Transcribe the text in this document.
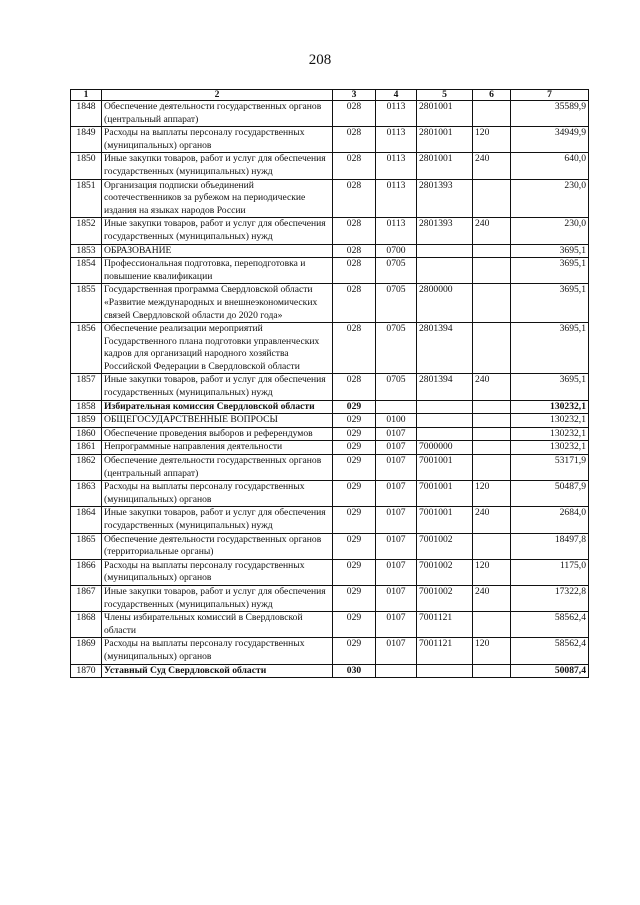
208
1	2	3	4	5	6	7
1848	Обеспечение деятельности государственных органов (центральный аппарат)	028	0113	2801001		35589,9
1849	Расходы на выплаты персоналу государственных (муниципальных) органов	028	0113	2801001	120	34949,9
1850	Иные закупки товаров, работ и услуг для обеспечения государственных (муниципальных) нужд	028	0113	2801001	240	640,0
1851	Организация подписки объединений соотечественников за рубежом на периодические издания на языках народов России	028	0113	2801393		230,0
1852	Иные закупки товаров, работ и услуг для обеспечения государственных (муниципальных) нужд	028	0113	2801393	240	230,0
1853	ОБРАЗОВАНИЕ	028	0700			3695,1
1854	Профессиональная подготовка, переподготовка и повышение квалификации	028	0705			3695,1
1855	Государственная программа Свердловской области «Развитие международных и внешнеэкономических связей Свердловской области до 2020 года»	028	0705	2800000		3695,1
1856	Обеспечение реализации мероприятий Государственного плана подготовки управленческих кадров для организаций народного хозяйства Российской Федерации в Свердловской области	028	0705	2801394		3695,1
1857	Иные закупки товаров, работ и услуг для обеспечения государственных (муниципальных) нужд	028	0705	2801394	240	3695,1
1858	Избирательная комиссия Свердловской области	029				130232,1
1859	ОБЩЕГОСУДАРСТВЕННЫЕ ВОПРОСЫ	029	0100			130232,1
1860	Обеспечение проведения выборов и референдумов	029	0107			130232,1
1861	Непрограммные направления деятельности	029	0107	7000000		130232,1
1862	Обеспечение деятельности государственных органов (центральный аппарат)	029	0107	7001001		53171,9
1863	Расходы на выплаты персоналу государственных (муниципальных) органов	029	0107	7001001	120	50487,9
1864	Иные закупки товаров, работ и услуг для обеспечения государственных (муниципальных) нужд	029	0107	7001001	240	2684,0
1865	Обеспечение деятельности государственных органов (территориальные органы)	029	0107	7001002		18497,8
1866	Расходы на выплаты персоналу государственных (муниципальных) органов	029	0107	7001002	120	1175,0
1867	Иные закупки товаров, работ и услуг для обеспечения государственных (муниципальных) нужд	029	0107	7001002	240	17322,8
1868	Члены избирательных комиссий в Свердловской области	029	0107	7001121		58562,4
1869	Расходы на выплаты персоналу государственных (муниципальных) органов	029	0107	7001121	120	58562,4
1870	Уставный Суд Свердловской области	030				50087,4
